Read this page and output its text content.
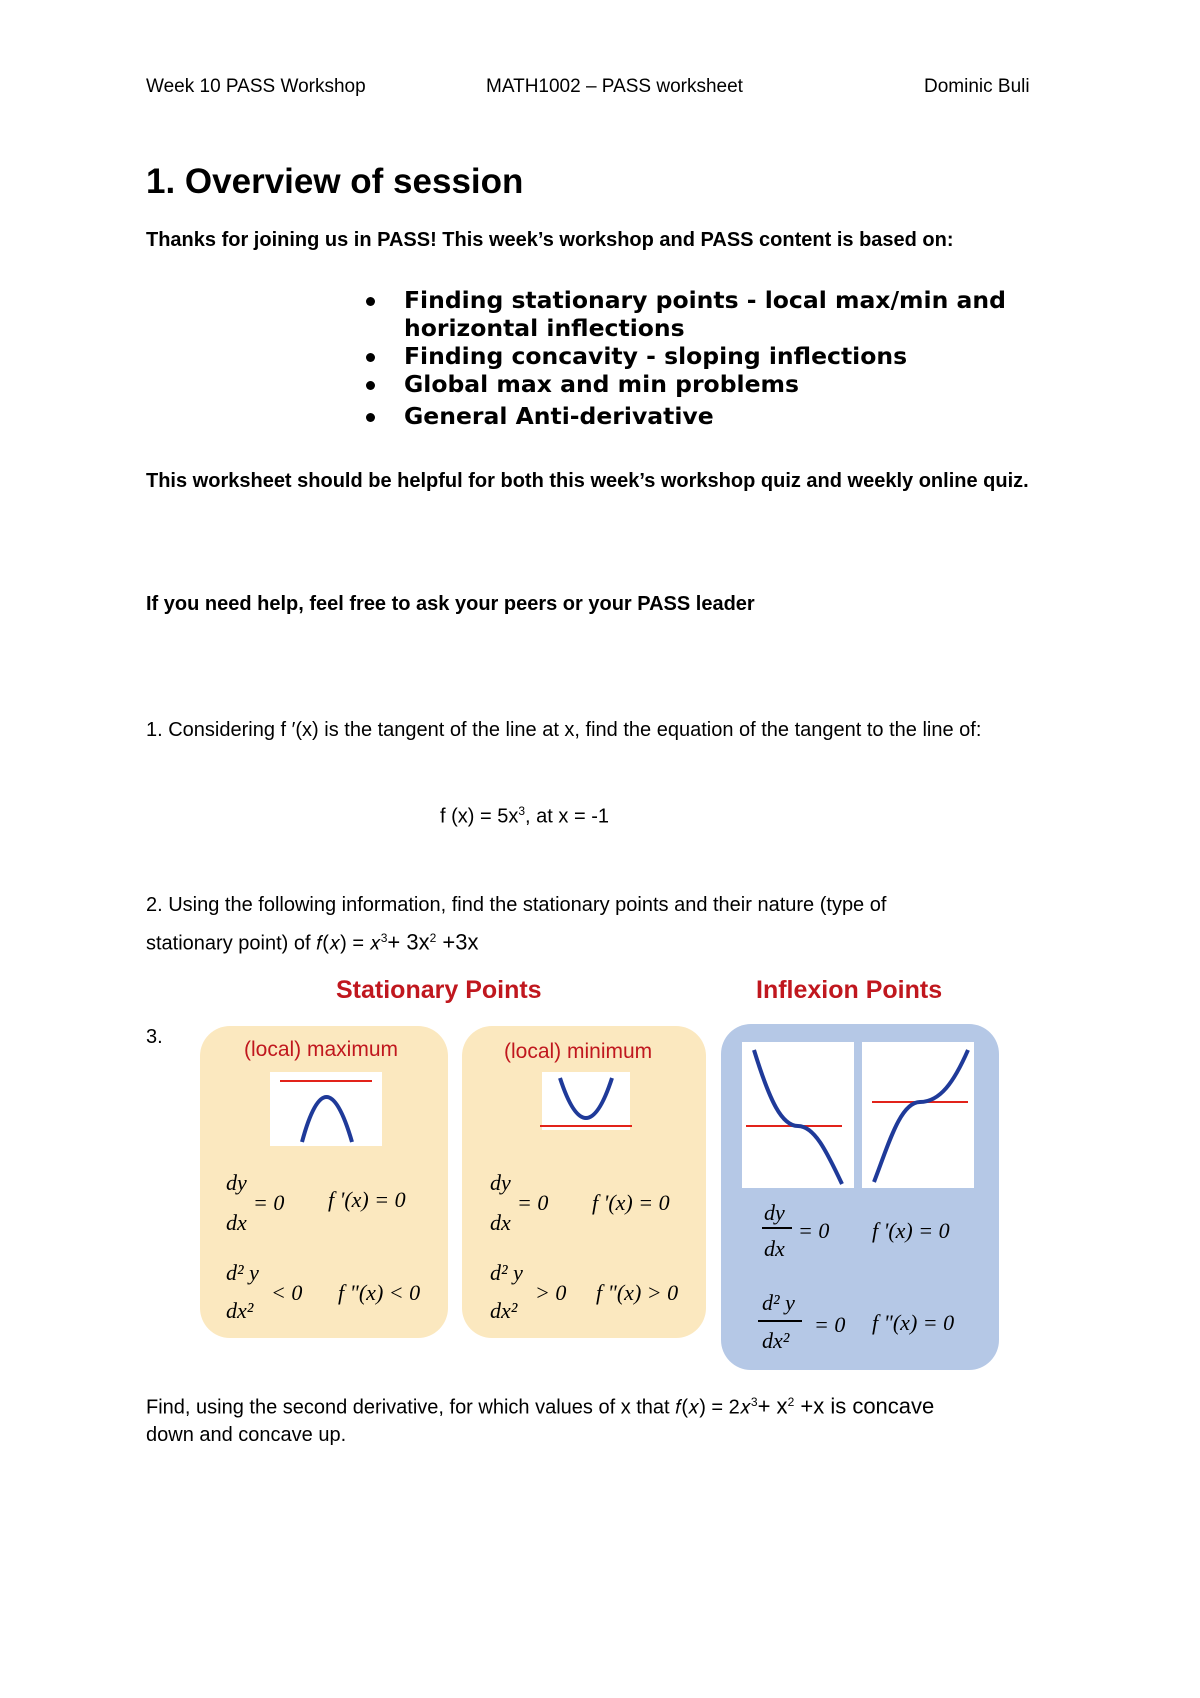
Week 10 PASS Workshop	MATH1002 – PASS worksheet	Dominic Buli
1. Overview of session
Thanks for joining us in PASS! This week’s workshop and PASS content is based on:
Finding stationary points - local max/min and horizontal inflections
Finding concavity - sloping inflections
Global max and min problems
General Anti-derivative
This worksheet should be helpful for both this week’s workshop quiz and weekly online quiz.
If you need help, feel free to ask your peers or your PASS leader
1. Considering f ′(x) is the tangent of the line at x, find the equation of the tangent to the line of:
f $(x) = 5x^3$, at x = -1
2. Using the following information, find the stationary points and their nature (type of
stationary point) of 𝑓(𝑥) = 𝑥$^3$+ $3x^2 +3x$
Stationary Points	Inflexion Points
3.
(local) maximum
dy
dx
= 0 f '(x) = 0
d² y
dx²
< 0 f "(x) < 0
(local) minimum
dy
dx
= 0 f '(x) = 0
d² y
dx²
> 0 f "(x) > 0
dy
dx
= 0 f '(x) = 0
d² y
dx²
= 0 f "(x) = 0
Find, using the second derivative, for which values of x that 𝑓(𝑥) = 2𝑥$^3$+ $x^2 +x$ is concave
down and concave up.
